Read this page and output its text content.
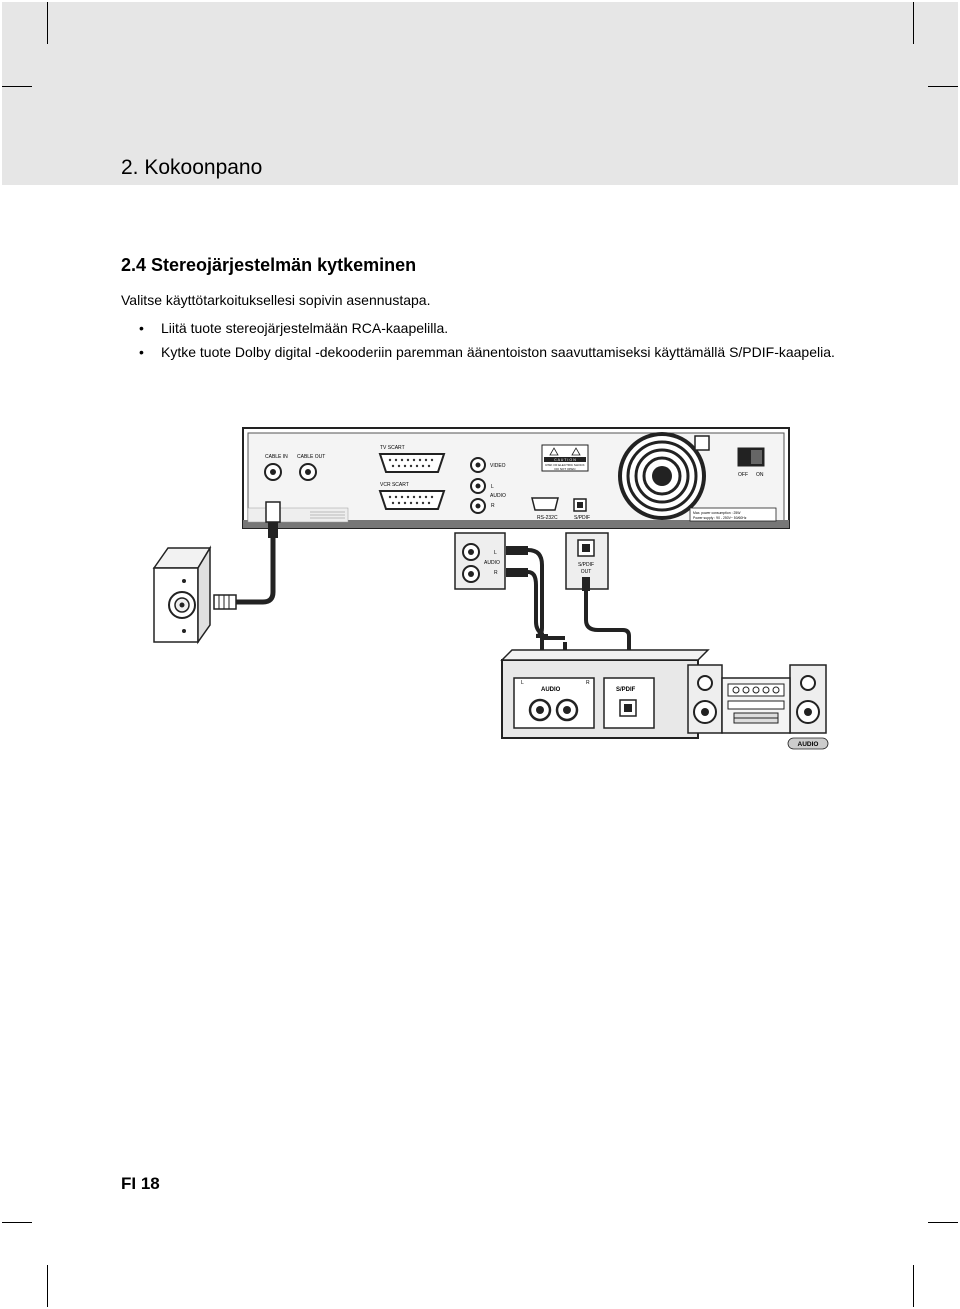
2. Kokoonpano
2.4 Stereojärjestelmän kytkeminen
Valitse käyttötarkoituksellesi sopivin asennustapa.
• Liitä tuote stereojärjestelmään RCA-kaapelilla.
• Kytke tuote Dolby digital -dekooderiin paremman äänentoiston saavuttamiseksi käyttämällä S/PDIF-kaapelia.
CABLE IN CABLE OUT
TV SCART
VCR SCART
VIDEO
L
AUDIO
R
RS-232C	S/PDIF
C A U T I O N
RISK OF ELECTRIC SHOCK
DO NOT OPEN
OFF ON
Max. power consumption : 25W
Power supply : 90 - 250V~ 50/60Hz
L
AUDIO
R
S/PDIF
OUT
AUDIO
L	R
S/PDIF
AUDIO
FI 18
